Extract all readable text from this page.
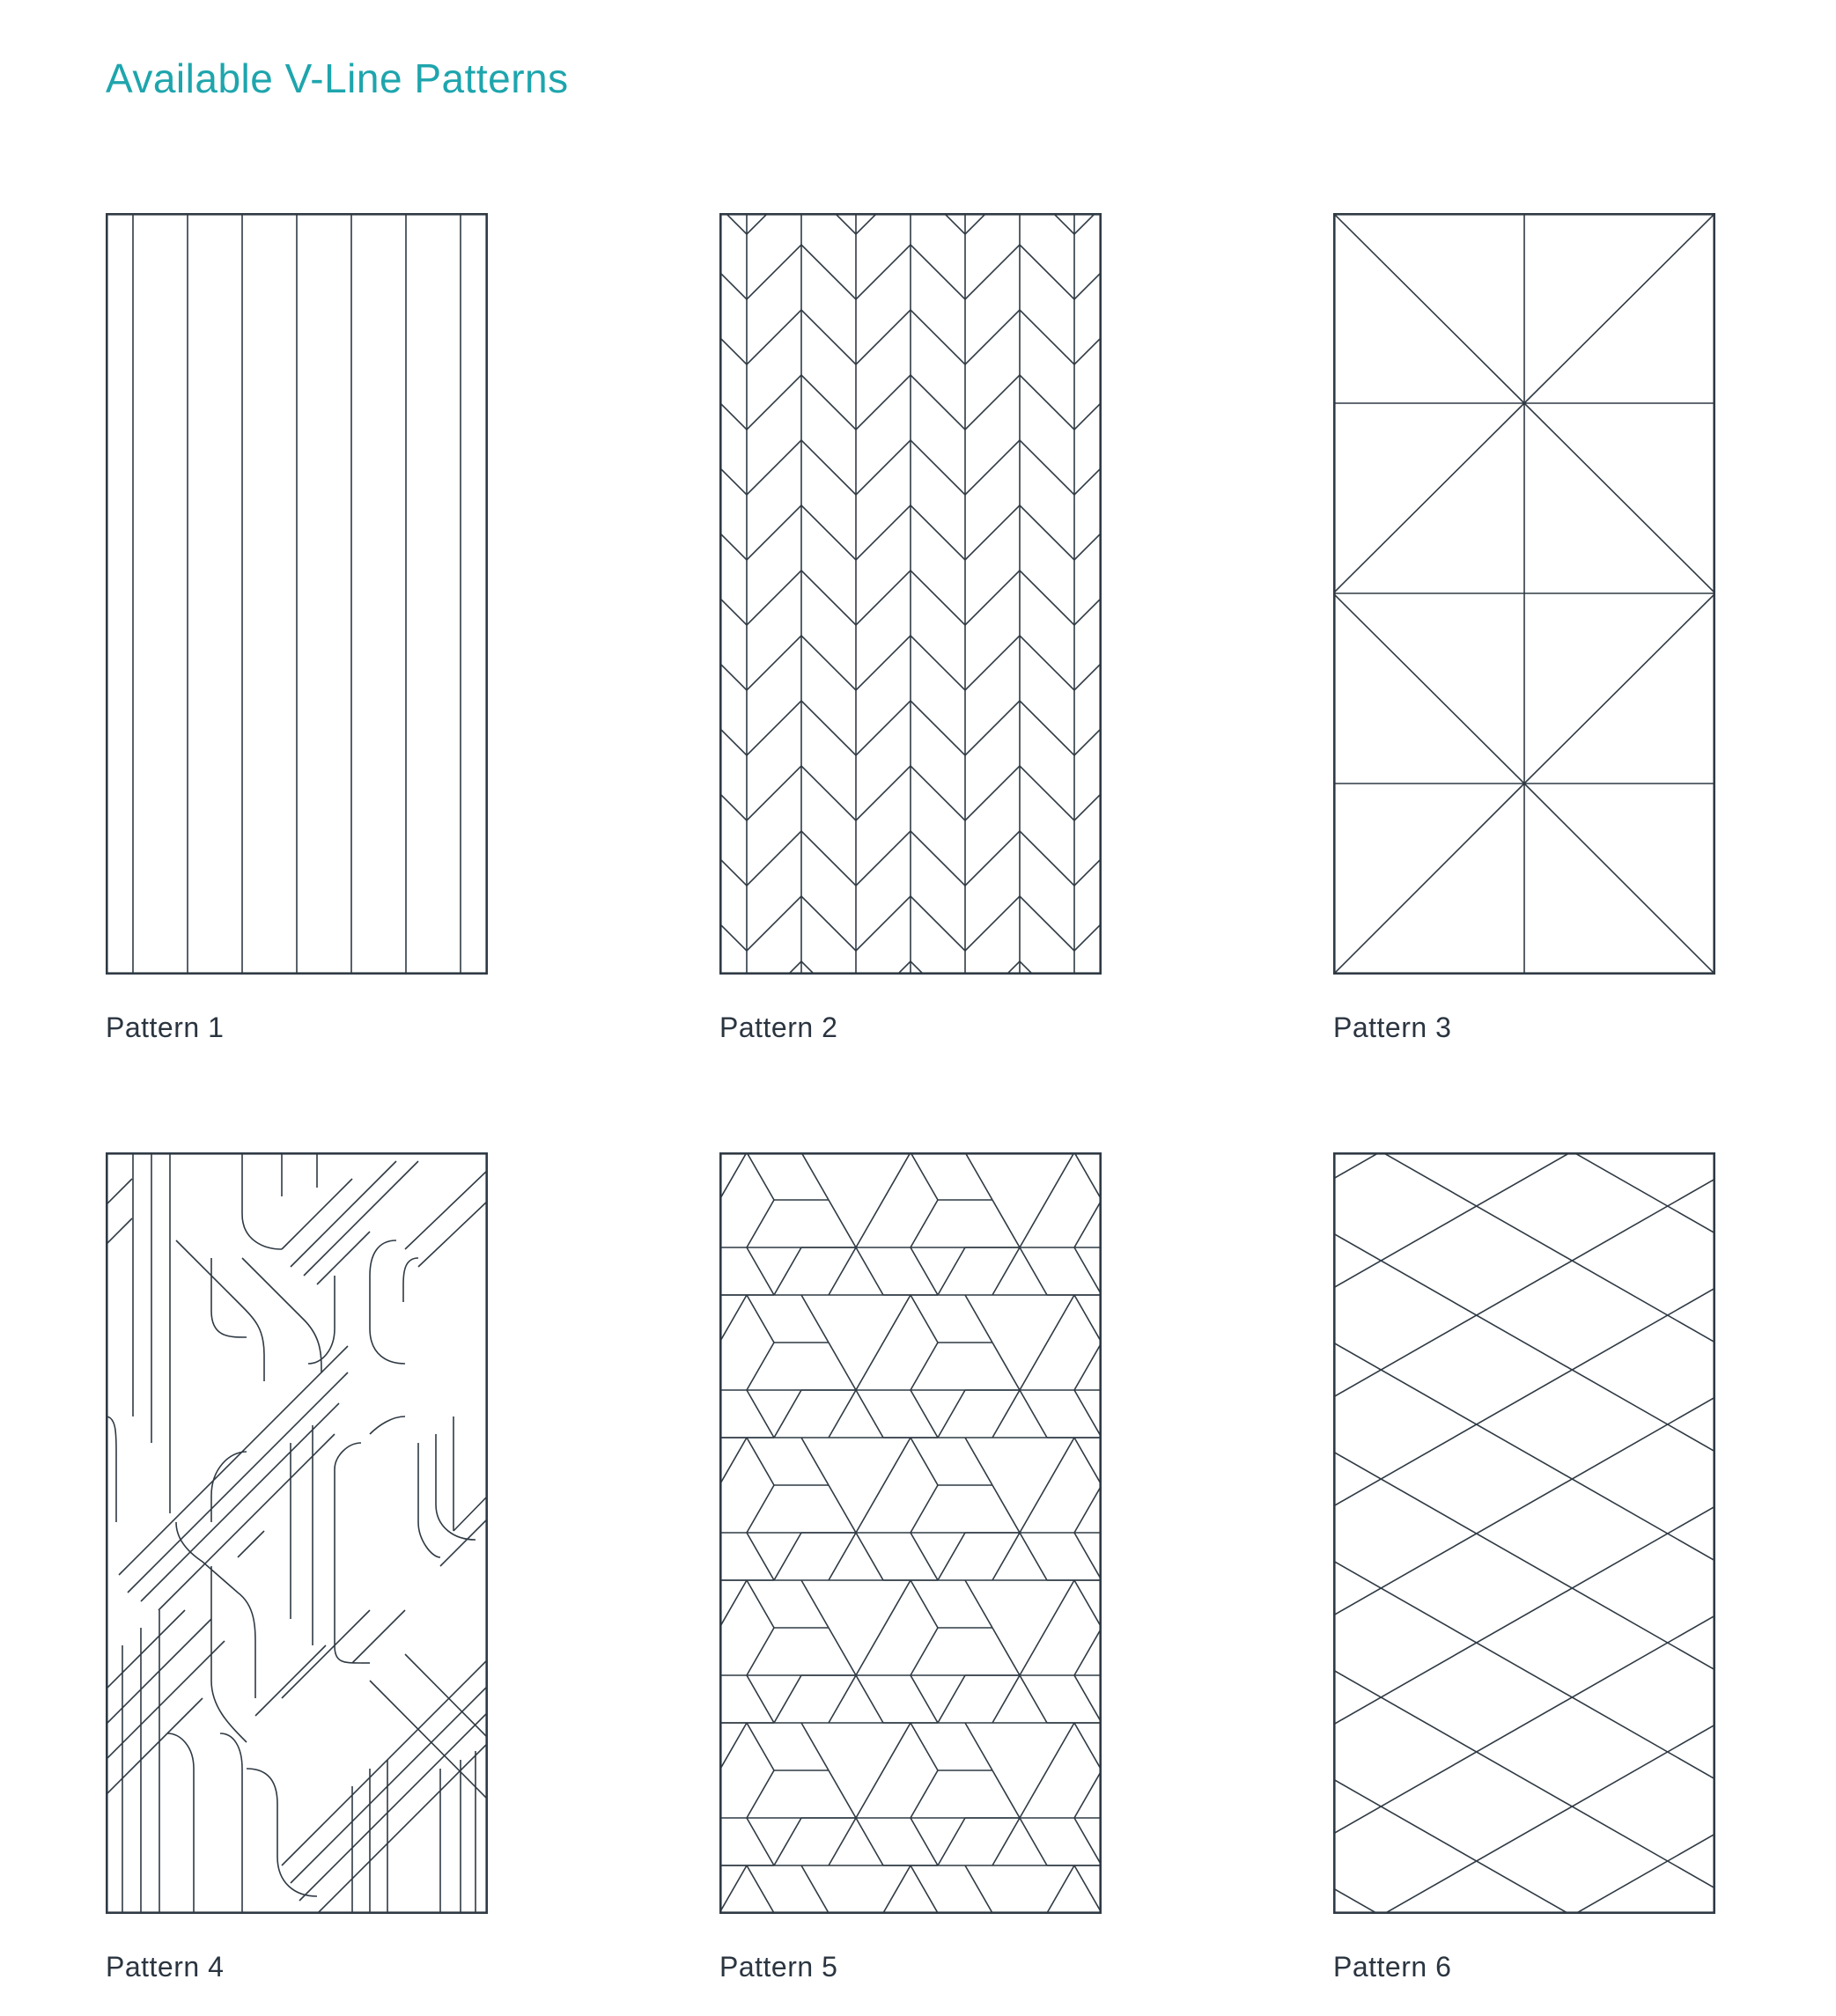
Available V-Line Patterns
Pattern 1	Pattern 2	Pattern 3
Pattern 4	Pattern 5	Pattern 6
